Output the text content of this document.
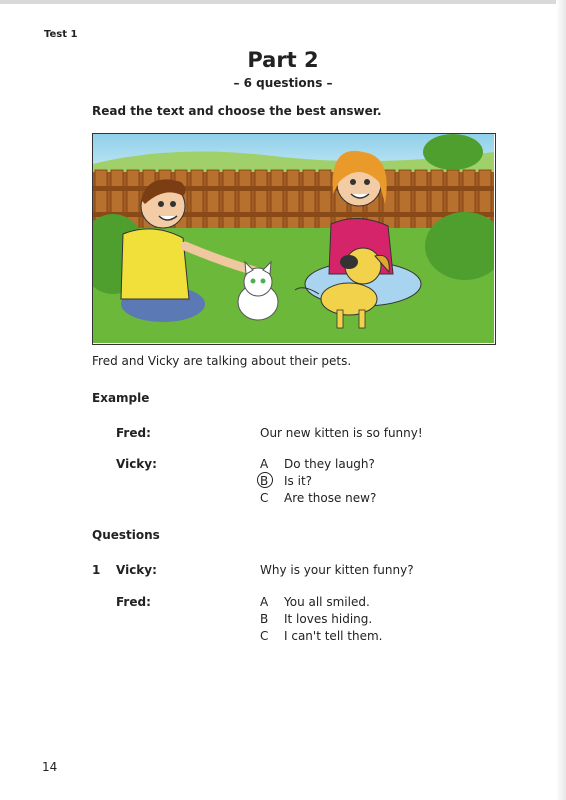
Test 1
Part 2
– 6 questions –
Read the text and choose the best answer.
Fred and Vicky are talking about their pets.
Example
Fred:	Our new kitten is so funny!
Vicky:	A Do they laugh?
B Is it?
C Are those new?
Questions
1 Vicky:	Why is your kitten funny?
Fred:	A You all smiled.
B It loves hiding.
C I can't tell them.
14
